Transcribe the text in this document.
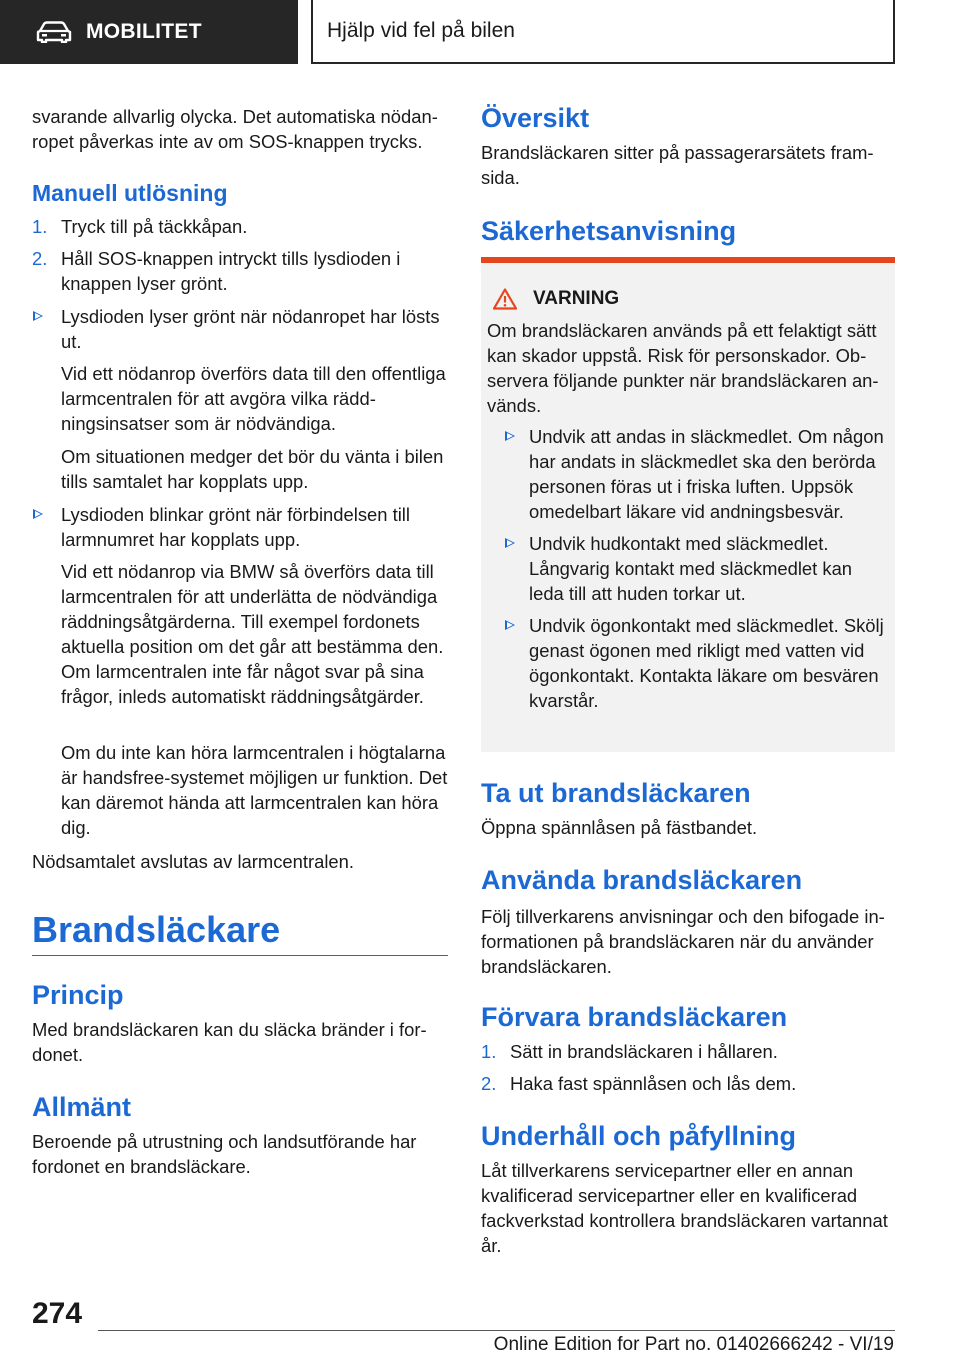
MOBILITET	Hjälp vid fel på bilen

svarande allvarlig olycka. Det automatiska nödanropet påverkas inte av om SOS-knappen trycks.

Manuell utlösning
1. Tryck till på täckkåpan.
2. Håll SOS-knappen intryckt tills lysdioden i knappen lyser grönt.
Lysdioden lyser grönt när nödanropet har lösts ut.
Vid ett nödanrop överförs data till den offentliga larmcentralen för att avgöra vilka räddningsinsatser som är nödvändiga.
Om situationen medger det bör du vänta i bilen tills samtalet har kopplats upp.
Lysdioden blinkar grönt när förbindelsen till larmnumret har kopplats upp.
Vid ett nödanrop via BMW så överförs data till larmcentralen för att underlätta de nödvändiga räddningsåtgärderna. Till exempel fordonets aktuella position om det går att bestämma den. Om larmcentralen inte får något svar på sina frågor, inleds automatiskt räddningsåtgärder.
Om du inte kan höra larmcentralen i högtalarna är handsfree-systemet möjligen ur funktion. Det kan däremot hända att larmcentralen kan höra dig.

Nödsamtalet avslutas av larmcentralen.

Brandsläckare
Princip

Med brandsläckaren kan du släcka bränder i fordonet.

Allmänt

Beroende på utrustning och landsutförande har fordonet en brandsläckare.

Översikt

Brandsläckaren sitter på passagerarsätets framsida.

Säkerhetsanvisning
Ta ut brandsläckaren

Öppna spännlåsen på fästbandet.

Använda brandsläckaren

Följ tillverkarens anvisningar och den bifogade informationen på brandsläckaren när du använder brandsläckaren.

Förvara brandsläckaren
1. Sätt in brandsläckaren i hållaren.
2. Haka fast spännlåsen och lås dem.
Underhåll och påfyllning

Låt tillverkarens servicepartner eller en annan kvalificerad servicepartner eller en kvalificerad fackverkstad kontrollera brandsläckaren vartannat år.

VARNING

Om brandsläckaren används på ett felaktigt sätt kan skador uppstå. Risk för personskador. Observera följande punkter när brandsläckaren används.

Undvik att andas in släckmedlet. Om någon har andats in släckmedlet ska den berörda personen föras ut i friska luften. Uppsök omedelbart läkare vid andningsbesvär.
Undvik hudkontakt med släckmedlet. Långvarig kontakt med släckmedlet kan leda till att huden torkar ut.
Undvik ögonkontakt med släckmedlet. Skölj genast ögonen med rikligt med vatten vid ögonkontakt. Kontakta läkare om besvären kvarstår.
274
Online Edition for Part no. 01402666242 - VI/19
